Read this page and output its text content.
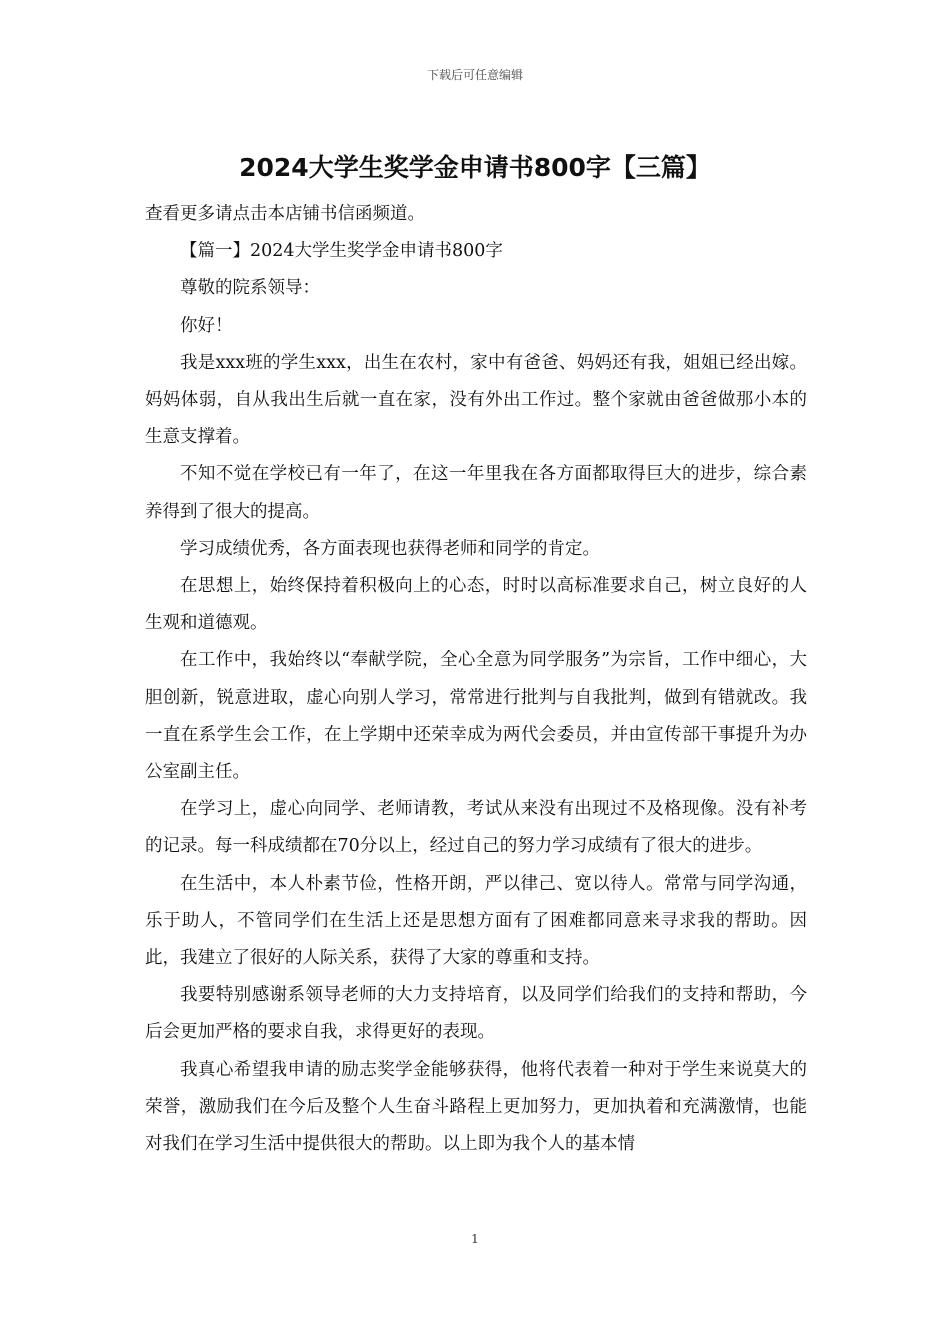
下载后可任意编辑
2024大学生奖学金申请书800字【三篇】

查看更多请点击本店铺书信函频道。

【篇一】2024大学生奖学金申请书800字

尊敬的院系领导：

你好！

我是xxx班的学生xxx，出生在农村，家中有爸爸、妈妈还有我，姐姐已经出嫁。妈妈体弱，自从我出生后就一直在家，没有外出工作过。整个家就由爸爸做那小本的生意支撑着。

不知不觉在学校已有一年了，在这一年里我在各方面都取得巨大的进步，综合素养得到了很大的提高。

学习成绩优秀，各方面表现也获得老师和同学的肯定。

在思想上，始终保持着积极向上的心态，时时以高标准要求自己，树立良好的人生观和道德观。

在工作中，我始终以“奉献学院，全心全意为同学服务”为宗旨，工作中细心，大胆创新，锐意进取，虚心向别人学习，常常进行批判与自我批判，做到有错就改。我一直在系学生会工作，在上学期中还荣幸成为两代会委员，并由宣传部干事提升为办公室副主任。

在学习上，虚心向同学、老师请教，考试从来没有出现过不及格现像。没有补考的记录。每一科成绩都在70分以上，经过自己的努力学习成绩有了很大的进步。

在生活中，本人朴素节俭，性格开朗，严以律己、宽以待人。常常与同学沟通，乐于助人，不管同学们在生活上还是思想方面有了困难都同意来寻求我的帮助。因此，我建立了很好的人际关系，获得了大家的尊重和支持。

我要特别感谢系领导老师的大力支持培育，以及同学们给我们的支持和帮助，今后会更加严格的要求自我，求得更好的表现。

我真心希望我申请的励志奖学金能够获得，他将代表着一种对于学生来说莫大的荣誉，激励我们在今后及整个人生奋斗路程上更加努力，更加执着和充满激情，也能对我们在学习生活中提供很大的帮助。以上即为我个人的基本情

1
